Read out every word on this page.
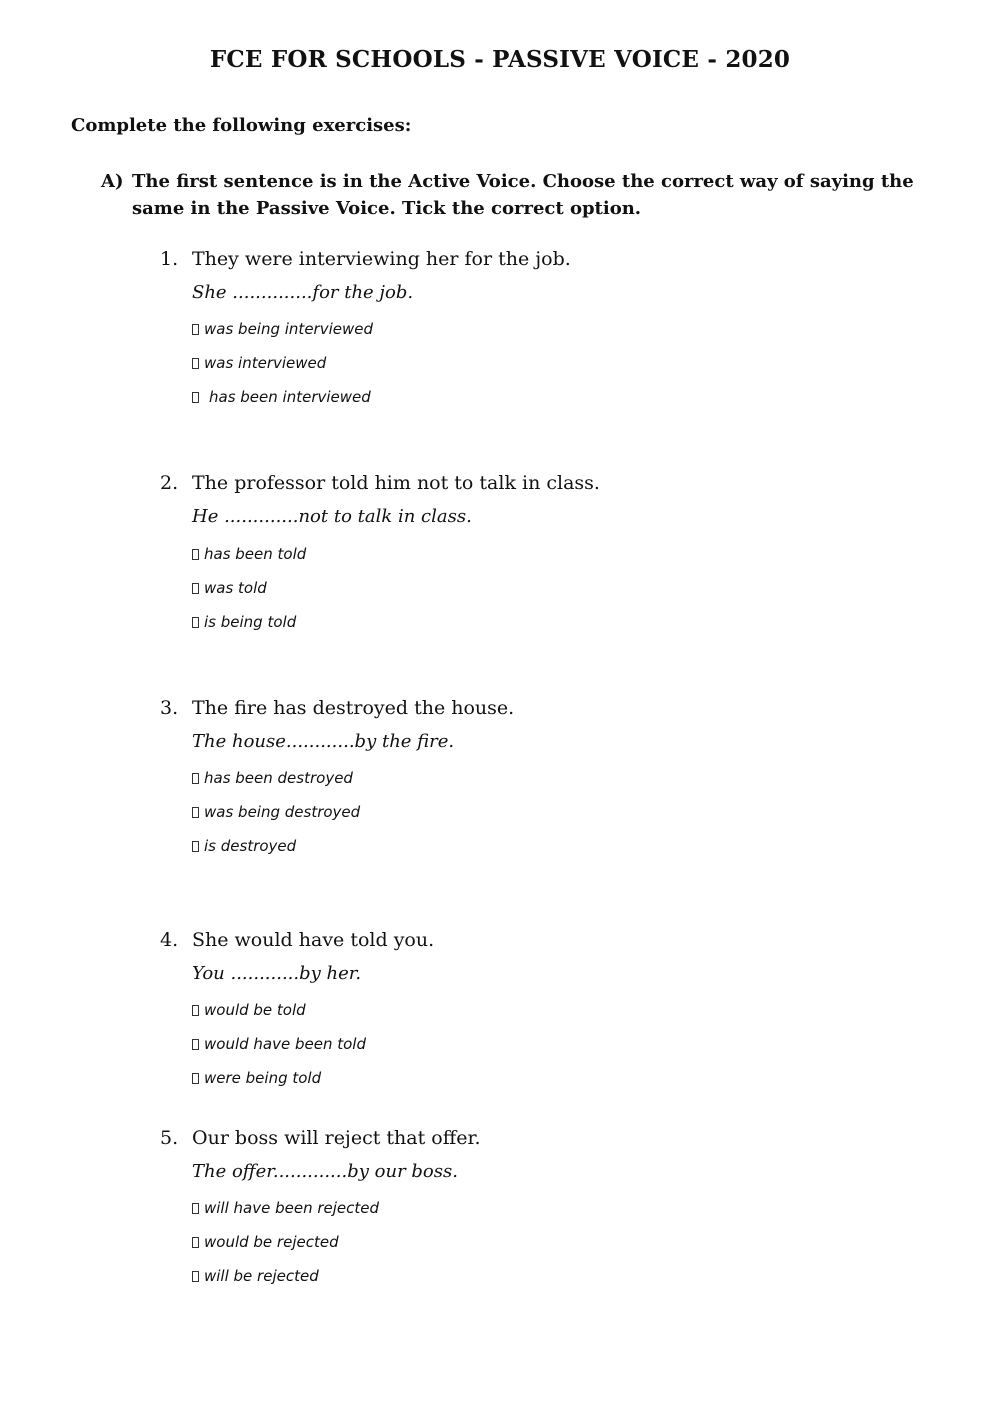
FCE FOR SCHOOLS - PASSIVE VOICE - 2020
Complete the following exercises:
A) The first sentence is in the Active Voice. Choose the correct way of saying the same in the Passive Voice. Tick the correct option.
1. They were interviewing her for the job.
She ..............for the job.
was being interviewed
was interviewed
has been interviewed
2. The professor told him not to talk in class.
He .............not to talk in class.
has been told
was told
is being told
3. The fire has destroyed the house.
The house............by the fire.
has been destroyed
was being destroyed
is destroyed
4. She would have told you.
You ............by her.
would be told
would have been told
were being told
5. Our boss will reject that offer.
The offer.............by our boss.
will have been rejected
would be rejected
will be rejected
